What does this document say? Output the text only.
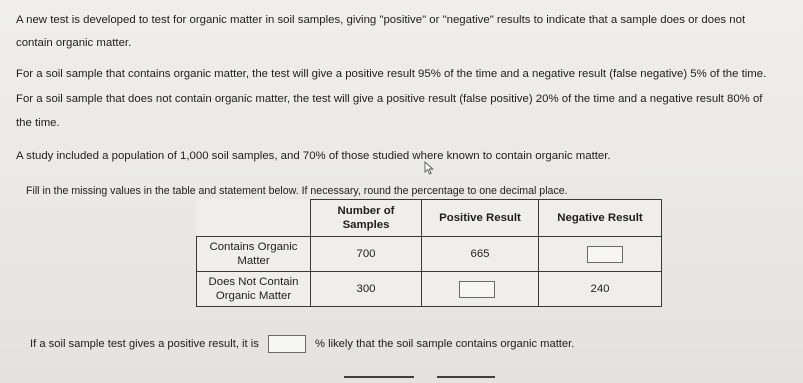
A new test is developed to test for organic matter in soil samples, giving "positive" or "negative" results to indicate that a sample does or does not

contain organic matter.

For a soil sample that contains organic matter, the test will give a positive result 95% of the time and a negative result (false negative) 5% of the time.

For a soil sample that does not contain organic matter, the test will give a positive result (false positive) 20% of the time and a negative result 80% of

the time.

A study included a population of 1,000 soil samples, and 70% of those studied where known to contain organic matter.

Fill in the missing values in the table and statement below. If necessary, round the percentage to one decimal place.

	Number of Samples	Positive Result	Negative Result
Contains Organic Matter	700	665	
Does Not Contain Organic Matter	300		240
If a soil sample test gives a positive result, it is	% likely that the soil sample contains organic matter.
